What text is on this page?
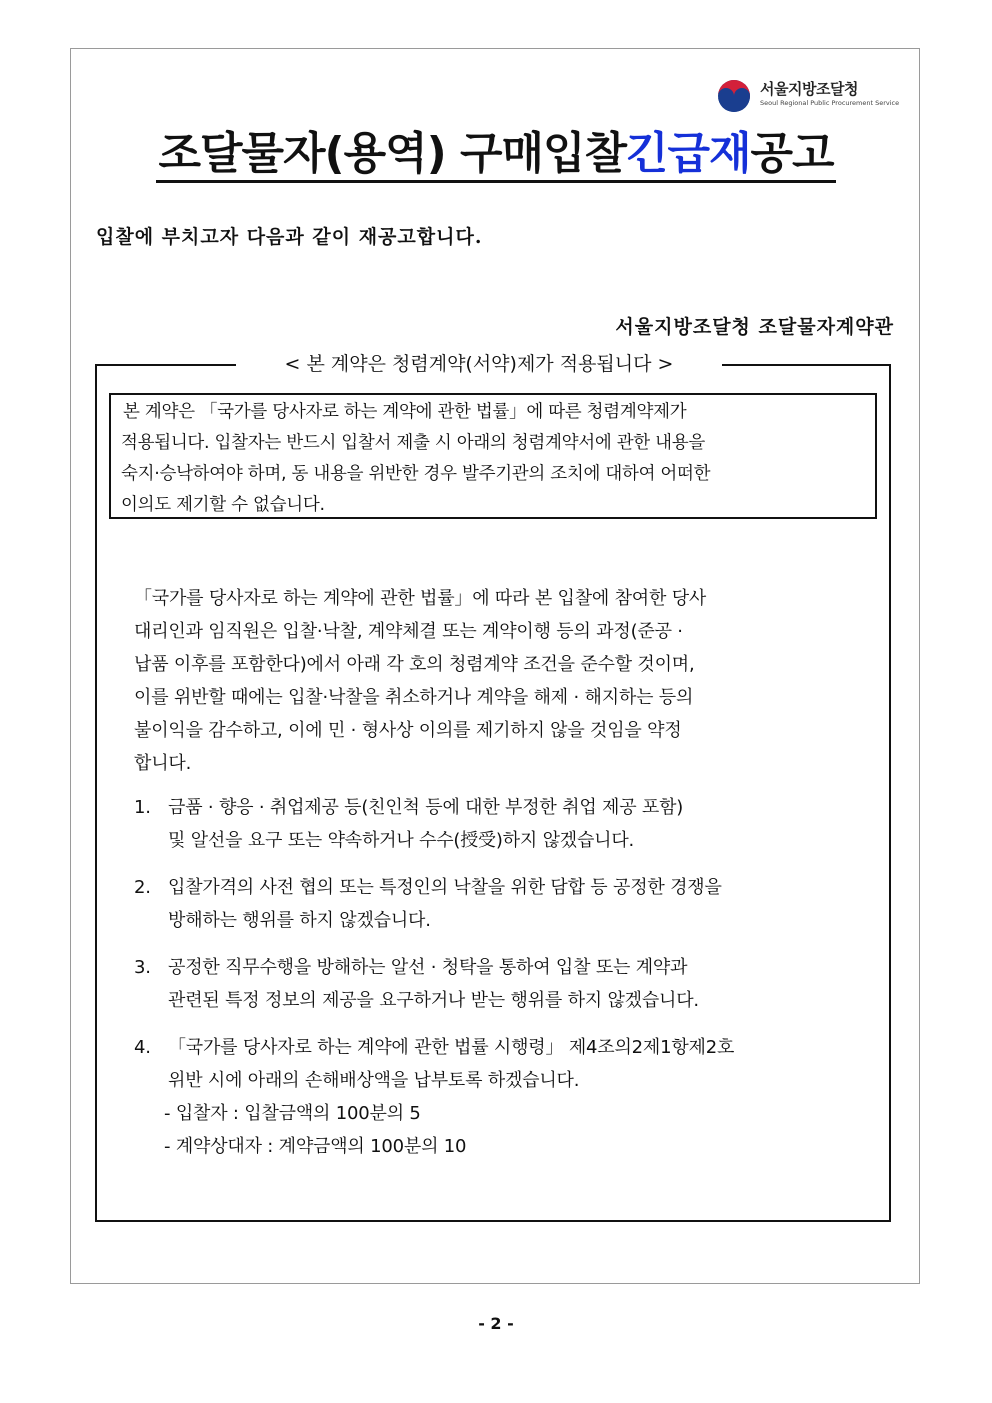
서울지방조달청
Seoul Regional Public Procurement Service
조달물자(용역) 구매입찰긴급재공고
입찰에 부치고자 다음과 같이 재공고합니다.
서울지방조달청 조달물자계약관
< 본 계약은 청렴계약(서약)제가 적용됩니다 >
본 계약은 「국가를 당사자로 하는 계약에 관한 법률」에 따른 청렴계약제가
적용됩니다. 입찰자는 반드시 입찰서 제출 시 아래의 청렴계약서에 관한 내용을
숙지·승낙하여야 하며, 동 내용을 위반한 경우 발주기관의 조치에 대하여 어떠한
이의도 제기할 수 없습니다.
「국가를 당사자로 하는 계약에 관한 법률」에 따라 본 입찰에 참여한 당사
대리인과 임직원은 입찰·낙찰, 계약체결 또는 계약이행 등의 과정(준공 ·
납품 이후를 포함한다)에서 아래 각 호의 청렴계약 조건을 준수할 것이며,
이를 위반할 때에는 입찰·낙찰을 취소하거나 계약을 해제 · 해지하는 등의
불이익을 감수하고, 이에 민 · 형사상 이의를 제기하지 않을 것임을 약정
합니다.
1. 금품 · 향응 · 취업제공 등(친인척 등에 대한 부정한 취업 제공 포함)
및 알선을 요구 또는 약속하거나 수수(授受)하지 않겠습니다.
2. 입찰가격의 사전 협의 또는 특정인의 낙찰을 위한 담합 등 공정한 경쟁을
방해하는 행위를 하지 않겠습니다.
3. 공정한 직무수행을 방해하는 알선 · 청탁을 통하여 입찰 또는 계약과
관련된 특정 정보의 제공을 요구하거나 받는 행위를 하지 않겠습니다.
4. 「국가를 당사자로 하는 계약에 관한 법률 시행령」 제4조의2제1항제2호
위반 시에 아래의 손해배상액을 납부토록 하겠습니다.
- 입찰자 : 입찰금액의 100분의 5
- 계약상대자 : 계약금액의 100분의 10
- 2 -
